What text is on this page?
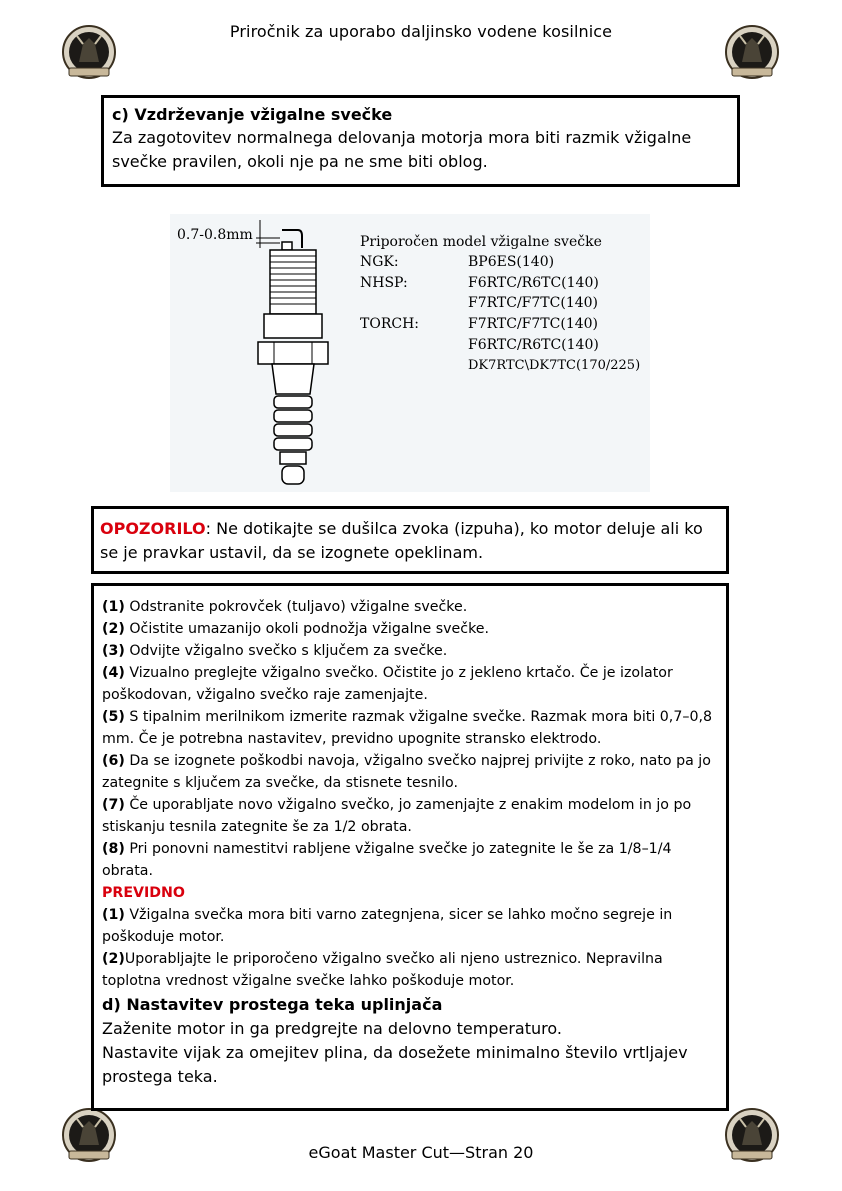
Priročnik za uporabo daljinsko vodene kosilnice
c) Vzdrževanje vžigalne svečke
Za zagotovitev normalnega delovanja motorja mora biti razmik vžigalne
svečke pravilen, okoli nje pa ne sme biti oblog.
0.7-0.8mm	Priporočen model vžigalne svečke
NGK:	BP6ES(140)
NHSP:	F6RTC/R6TC(140)
F7RTC/F7TC(140)
TORCH:	F7RTC/F7TC(140)
F6RTC/R6TC(140)
DK7RTC\DK7TC(170/225)

OPOZORILO: Ne dotikajte se dušilca zvoka (izpuha), ko motor deluje ali ko se je pravkar ustavil, da se izognete opeklinam.

(1) Odstranite pokrovček (tuljavo) vžigalne svečke.
(2) Očistite umazanijo okoli podnožja vžigalne svečke.
(3) Odvijte vžigalno svečko s ključem za svečke.
(4) Vizualno preglejte vžigalno svečko. Očistite jo z jekleno krtačo. Če je izolator poškodovan, vžigalno svečko raje zamenjajte.
(5) S tipalnim merilnikom izmerite razmak vžigalne svečke. Razmak mora biti 0,7–0,8 mm. Če je potrebna nastavitev, previdno upognite stransko elektrodo.
(6) Da se izognete poškodbi navoja, vžigalno svečko najprej privijte z roko, nato pa jo zategnite s ključem za svečke, da stisnete tesnilo.
(7) Če uporabljate novo vžigalno svečko, jo zamenjajte z enakim modelom in jo po stiskanju tesnila zategnite še za 1/2 obrata.
(8) Pri ponovni namestitvi rabljene vžigalne svečke jo zategnite le še za 1/8–1/4 obrata.
PREVIDNO
(1) Vžigalna svečka mora biti varno zategnjena, sicer se lahko močno segreje in poškoduje motor.
(2)Uporabljajte le priporočeno vžigalno svečko ali njeno ustreznico. Nepravilna toplotna vrednost vžigalne svečke lahko poškoduje motor.
d) Nastavitev prostega teka uplinjača
Zaženite motor in ga predgrejte na delovno temperaturo.
Nastavite vijak za omejitev plina, da dosežete minimalno število vrtljajev prostega teka.
eGoat Master Cut—Stran 20
